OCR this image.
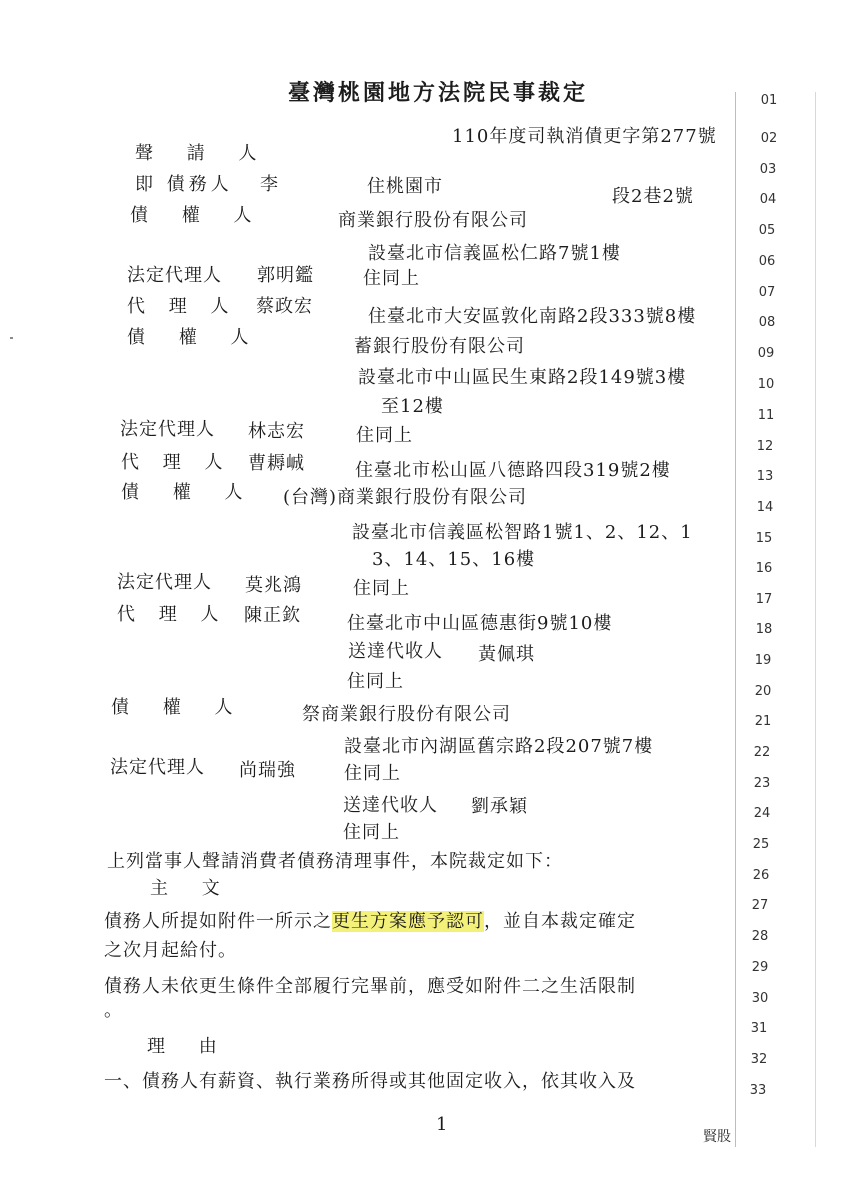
臺灣桃園地方法院民事裁定
110年度司執消債更字第277號
01
02
03
04
05
06
07
08
09
10
11
12
13
14
15
16
17
18
19
20
21
22
23
24
25
26
27
28
29
30
31
32
33
聲 請 人
即 債務人 李	住桃園市	段2巷2號
債 權 人	商業銀行股份有限公司
設臺北市信義區松仁路7號1樓
法定代理人 郭明鑑	住同上
代 理 人 蔡政宏	住臺北市大安區敦化南路2段333號8樓
債 權 人	蓄銀行股份有限公司
設臺北市中山區民生東路2段149號3樓
至12樓
法定代理人 林志宏	住同上
代 理 人 曹耨峸	住臺北市松山區八德路四段319號2樓
債 權 人 (台灣)商業銀行股份有限公司
設臺北市信義區松智路1號1、2、12、1
3、14、15、16樓
法定代理人 莫兆鴻	住同上
代 理 人 陳正欽	住臺北市中山區德惠街9號10樓
送達代收人 黃佩琪
住同上
債 權 人	祭商業銀行股份有限公司
設臺北市內湖區舊宗路2段207號7樓
法定代理人 尚瑞強	住同上
送達代收人 劉承穎
住同上
上列當事人聲請消費者債務清理事件，本院裁定如下：
主 文
債務人所提如附件一所示之更生方案應予認可，並自本裁定確定
之次月起給付。
債務人未依更生條件全部履行完畢前，應受如附件二之生活限制
。
理 由
一、債務人有薪資、執行業務所得或其他固定收入，依其收入及
1
賢股
